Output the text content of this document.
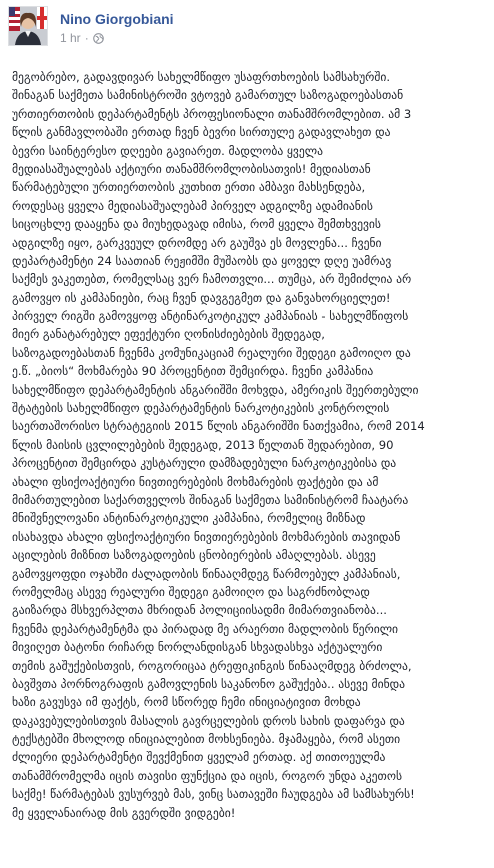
Nino Giorgobiani
1 hr ·
მეგობრებო, გადავდივარ სახელმწიფო უსაფრთხოების სამსახურში.
შინაგან საქმეთა სამინისტროში ვტოვებ გამართულ საზოგადოებასთან
ურთიერთობის დეპარტამენტს პროფესიონალი თანამშრომლებით. ამ 3
წლის განმავლობაში ერთად ჩვენ ბევრი სირთულე გადავლახეთ და
ბევრი საინტერესო დღეები გავიარეთ. მადლობა ყველა
მედიასაშუალებას აქტიური თანამშრომლობისათვის! მედიასთან
წარმატებული ურთიერთობის კუთხით ერთი ამბავი მახსენდება,
როდესაც ყველა მედიასაშუალებამ პირველ ადგილზე ადამიანის
სიცოცხლე დააყენა და მიუხედავად იმისა, რომ ყველა შემთხვევის
ადგილზე იყო, გარკვეულ დრომდე არ გაუშვა ეს მოვლენა... ჩვენი
დეპარტამენტი 24 საათიან რეჟიმში მუშაობს და ყოველ დღე უამრავ
საქმეს ვაკეთებთ, რომელსაც ვერ ჩამოთვლი... თუმცა, არ შემიძლია არ
გამოვყო ის კამპანიები, რაც ჩვენ დავგეგმეთ და განვახორციელეთ!
პირველ რიგში გამოვყოფ ანტინარკოტიკულ კამპანიას - სახელმწიფოს
მიერ განატარებულ ეფექტური ღონისძიებების შედეგად,
საზოგადოებასთან ჩვენმა კომუნიკაციამ რეალური შედეგი გამოიღო და
ე.წ. „ბიოს“ მოხმარება 90 პროცენტით შემცირდა. ჩვენი კამპანია
სახელმწიფო დეპარტამენტის ანგარიშში მოხვდა, ამერიკის შეერთებული
შტატების სახელმწიფო დეპარტამენტის ნარკოტიკების კონტროლის
საერთაშორისო სტრატეგიის 2015 წლის ანგარიშში ნათქვამია, რომ 2014
წლის მაისის ცვლილებების შედეგად, 2013 წელთან შედარებით, 90
პროცენტით შემცირდა კუსტარული დამზადებული ნარკოტიკებისა და
ახალი ფსიქოაქტიური ნივთიერებების მოხმარების ფაქტები და ამ
მიმართულებით საქართველოს შინაგან საქმეთა სამინისტრომ ჩაატარა
მნიშვნელოვანი ანტინარკოტიკული კამპანია, რომელიც მიზნად
ისახავდა ახალი ფსიქოაქტიური ნივთიერებების მოხმარების თავიდან
აცილების მიზნით საზოგადოების ცნობიერების ამაღლებას. ასევე
გამოვყოფდი ოჯახში ძალადობის წინააღმდეგ წარმოებულ კამპანიას,
რომელმაც ასევე რეალური შედეგი გამოიღო და საგრძნობლად
გაიზარდა მსხვერპლთა მხრიდან პოლიციისადმი მიმართვიანობა...
ჩვენმა დეპარტამენტმა და პირადად მე არაერთი მადლობის წერილი
მივიღეთ ბატონი რიჩარდ ნორლანდისგან სხვადასხვა აქტუალური
თემის გაშუქებისთვის, როგორიცაა ტრეფიკინგის წინააღმდეგ ბრძოლა,
ბავშვთა პორნოგრაფის გამოვლენის საკანონო გაშუქება.. ასევე მინდა
ხაზი გავუსვა იმ ფაქტს, რომ სწორედ ჩემი ინიციატივით მოხდა
დაკავებულებისთვის მასალის გავრცელების დროს სახის დაფარვა და
ტექსტებში მხოლოდ ინიციალებით მოხსენიება. მჯამაყება, რომ ასეთი
ძლიერი დეპარტამენტი შევქმენით ყველამ ერთად. აქ თითოეულმა
თანამშრომელმა იცის თავისი ფუნქცია და იცის, როგორ უნდა აკეთოს
საქმე! წარმატებას ვუსურვებ მას, ვინც სათავეში ჩაუდგება ამ სამსახურს!
მე ყველანაირად მის გვერდში ვიდგები!
